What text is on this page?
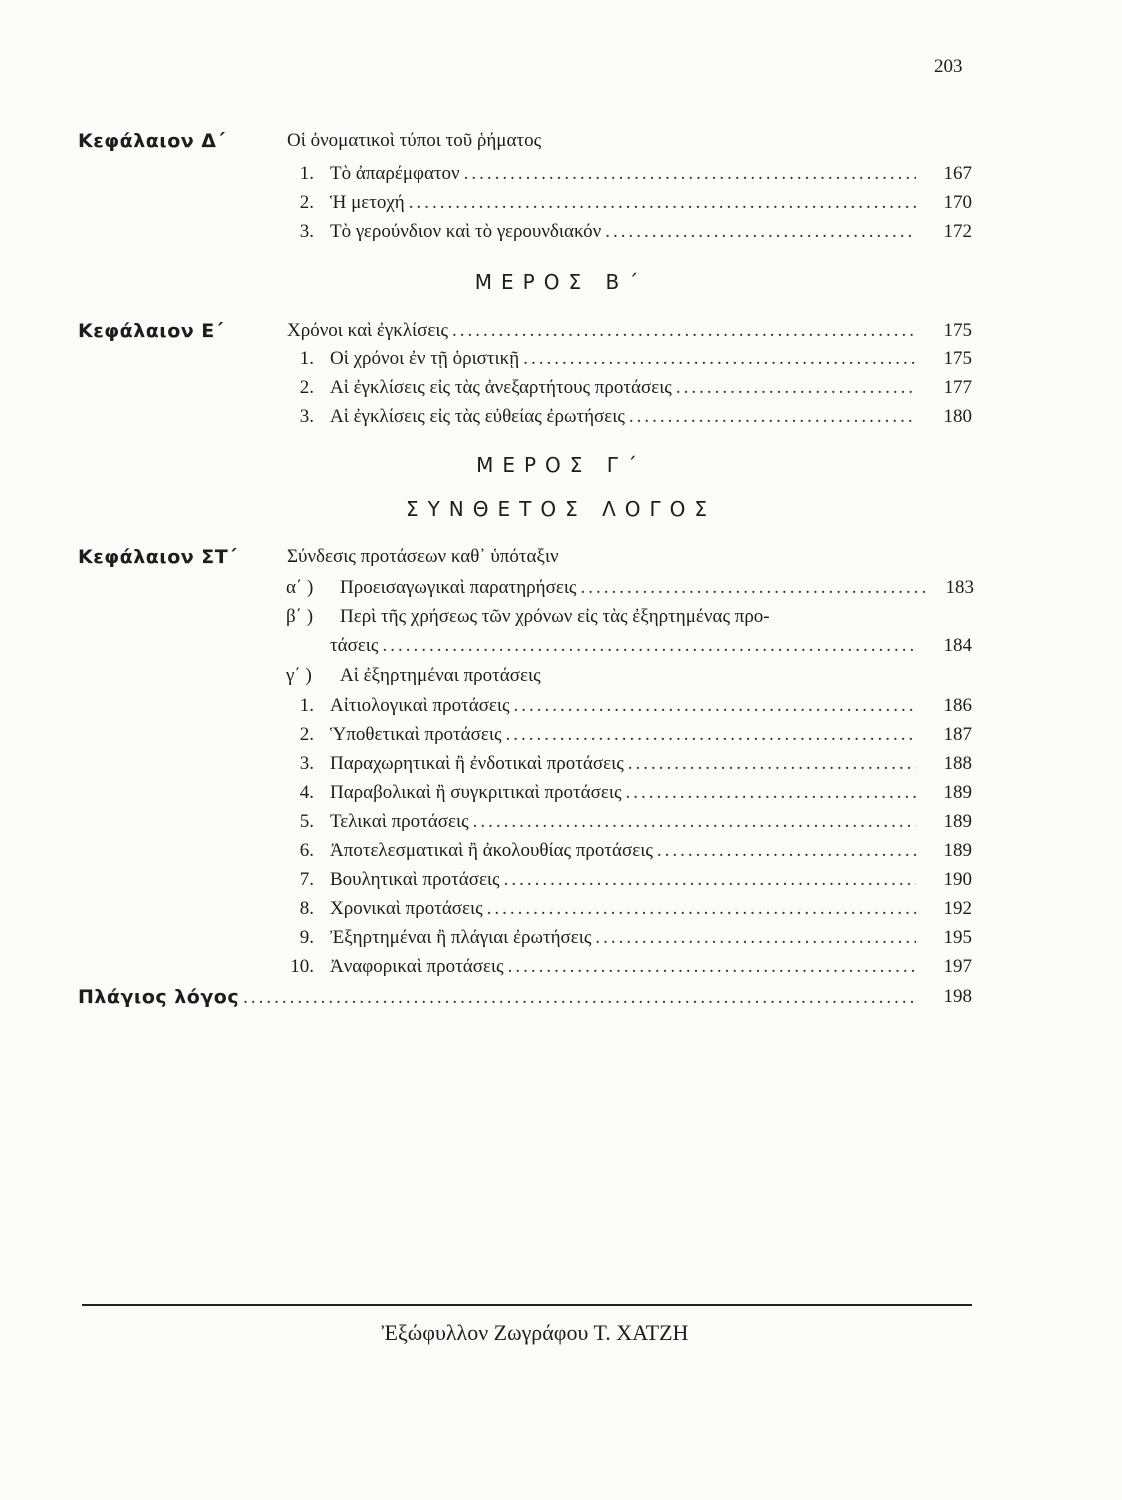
203
Κεφάλαιον Δ΄	Οἱ ὀνοματικοὶ τύποι τοῦ ῥήματος
1. Τὸ ἀπαρέμφατον .....	167
2. Ἡ μετοχή .....	170
3. Τὸ γερούνδιον καὶ τὸ γερουνδιακόν .....	172
ΜΕΡΟΣ Β΄
Κεφάλαιον Ε΄	Χρόνοι καὶ ἐγκλίσεις .....	175
1. Οἱ χρόνοι ἐν τῇ ὁριστικῇ .....	175
2. Αἱ ἐγκλίσεις εἰς τὰς ἀνεξαρτήτους προτάσεις .....	177
3. Αἱ ἐγκλίσεις εἰς τὰς εὐθείας ἐρωτήσεις .....	180
ΜΕΡΟΣ Γ΄
ΣΥΝΘΕΤΟΣ ΛΟΓΟΣ
Κεφάλαιον ΣΤ΄	Σύνδεσις προτάσεων καθ᾽ ὑπόταξιν
α΄ )	Προεισαγωγικαὶ παρατηρήσεις .....	183
β΄ )	Περὶ τῆς χρήσεως τῶν χρόνων εἰς τὰς ἐξηρτημένας προ-
τάσεις .....	184
γ΄ )	Αἱ ἐξηρτημέναι προτάσεις
1. Αἰτιολογικαὶ προτάσεις .....	186
2. Ὑποθετικαὶ προτάσεις .....	187
3. Παραχωρητικαὶ ἢ ἐνδοτικαὶ προτάσεις .....	188
4. Παραβολικαὶ ἢ συγκριτικαὶ προτάσεις .....	189
5. Τελικαὶ προτάσεις .....	189
6. Ἀποτελεσματικαὶ ἢ ἀκολουθίας προτάσεις .....	189
7. Βουλητικαὶ προτάσεις .....	190
8. Χρονικαὶ προτάσεις .....	192
9. Ἐξηρτημέναι ἢ πλάγιαι ἐρωτήσεις .....	195
10. Ἀναφορικαὶ προτάσεις .....	197
Πλάγιος λόγος .....	198
Ἐξώφυλλον Ζωγράφου Τ. ΧΑΤΖΗ
